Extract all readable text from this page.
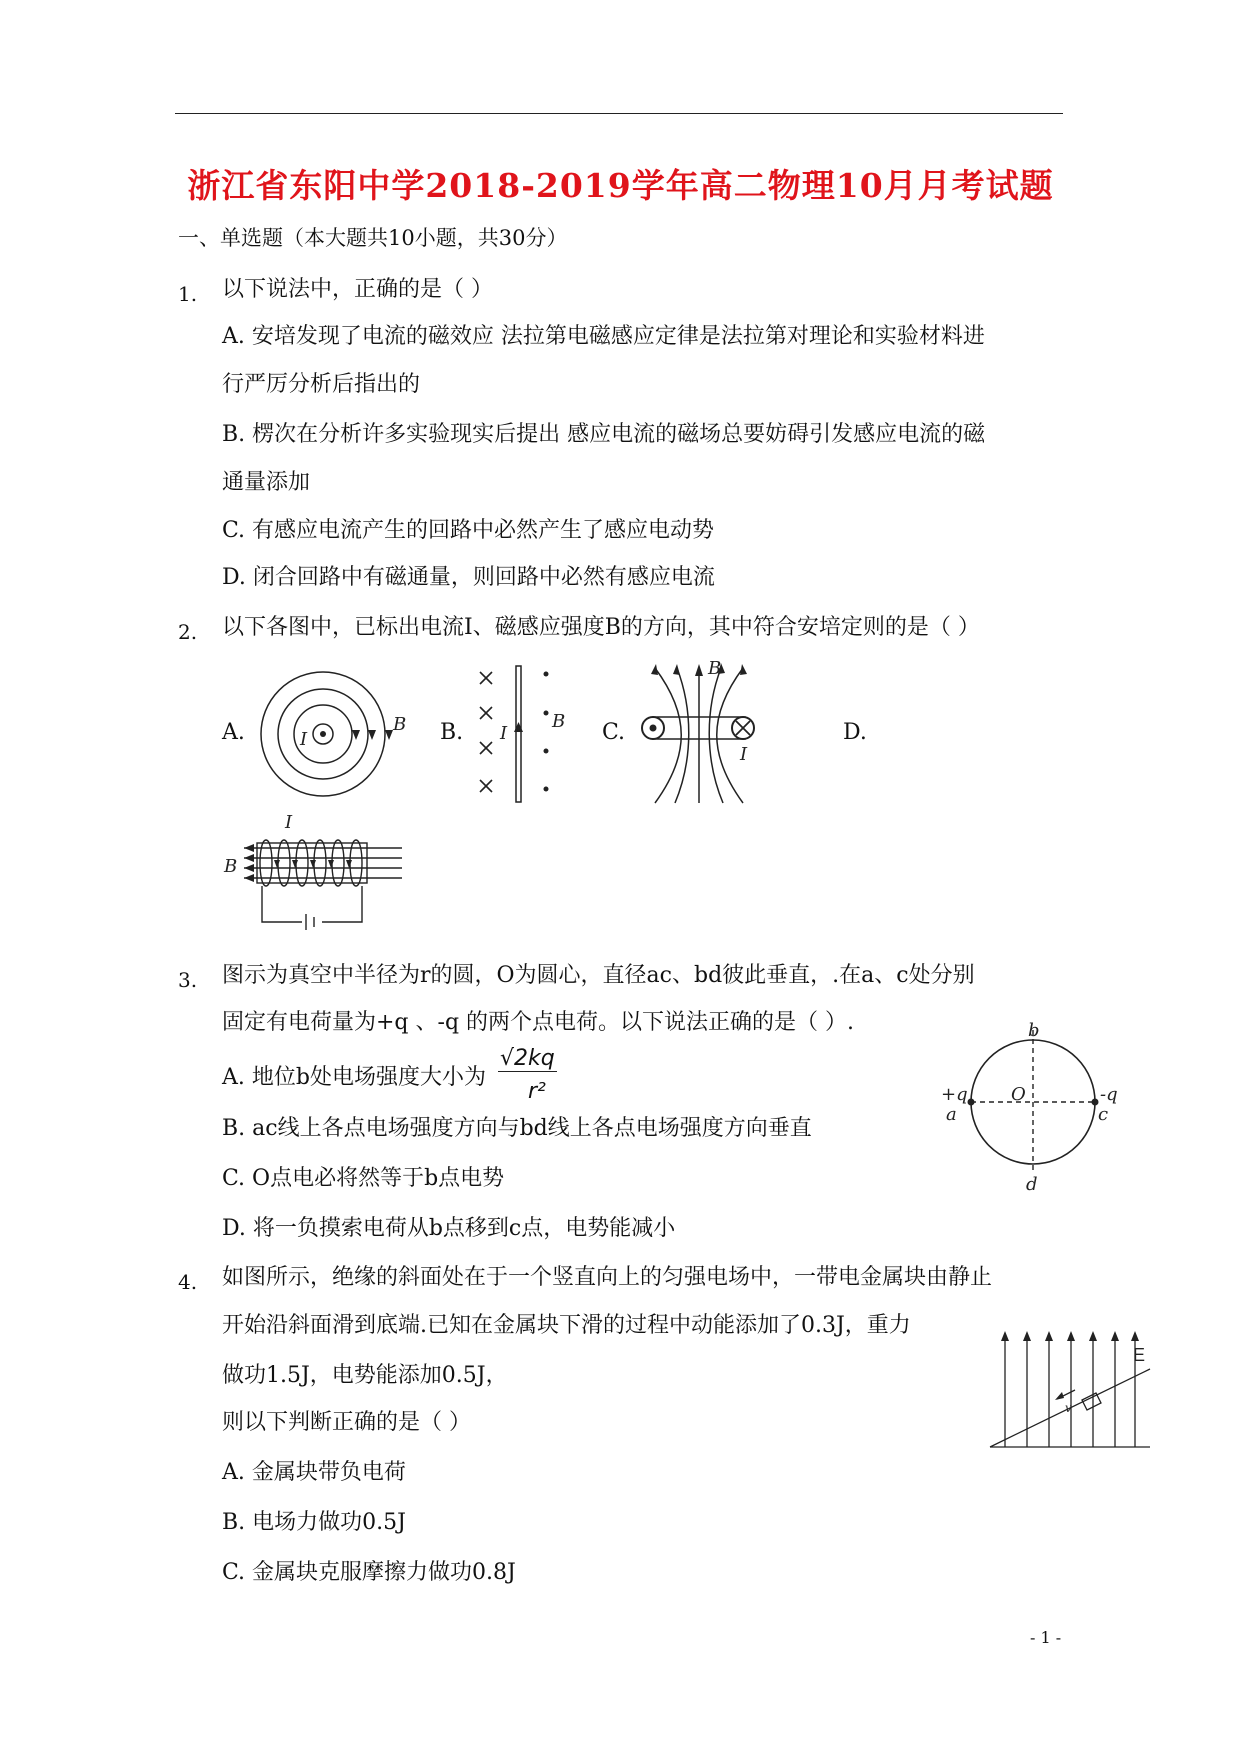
浙江省东阳中学2018-2019学年高二物理10月月考试题
一、单选题（本大题共10小题，共30分）
1. 以下说法中，正确的是（ ）
A. 安培发现了电流的磁效应 法拉第电磁感应定律是法拉第对理论和实验材料进
行严厉分析后指出的
B. 楞次在分析许多实验现实后提出 感应电流的磁场总要妨碍引发感应电流的磁
通量添加
C. 有感应电流产生的回路中必然产生了感应电动势
D. 闭合回路中有磁通量，则回路中必然有感应电流
2. 以下各图中，已标出电流I、磁感应强度B的方向，其中符合安培定则的是（ ）
A.	I
B B. I
B C.
B
I
D.
I
B
3. 图示为真空中半径为r的圆，O为圆心，直径ac、bd彼此垂直，.在a、c处分别
固定有电荷量为+q 、-q 的两个点电荷。以下说法正确的是（ ）.
A. 地位b处电场强度大小为
√2kq
r²
B. ac线上各点电场强度方向与bd线上各点电场强度方向垂直
C. O点电必将然等于b点电势
D. 将一负摸索电荷从b点移到c点，电势能减小
+q
a
-q
c
b
d
O
4. 如图所示，绝缘的斜面处在于一个竖直向上的匀强电场中，一带电金属块由静止
开始沿斜面滑到底端.已知在金属块下滑的过程中动能添加了0.3J，重力
做功1.5J，电势能添加0.5J，
则以下判断正确的是（ ）
A. 金属块带负电荷
B. 电场力做功0.5J
C. 金属块克服摩擦力做功0.8J
v
E
- 1 -
